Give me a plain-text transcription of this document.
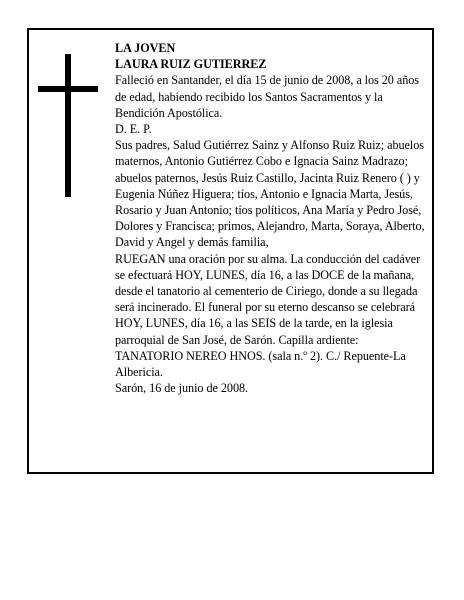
LA JOVEN

LAURA RUIZ GUTIERREZ

Falleció en Santander, el día 15 de junio de 2008, a los 20 años de edad, habiendo recibido los Santos Sacramentos y la Bendición Apostólica.

D. E. P.

Sus padres, Salud Gutiérrez Sainz y Alfonso Ruiz Ruiz; abuelos maternos, Antonio Gutiérrez Cobo e Ignacia Sainz Madrazo; abuelos paternos, Jesús Ruiz Castillo, Jacinta Ruiz Renero ( ) y Eugenia Núñez Higuera; tíos, Antonio e Ignacia Marta, Jesús, Rosario y Juan Antonio; tíos políticos, Ana María y Pedro José, Dolores y Francisca; primos, Alejandro, Marta, Soraya, Alberto, David y Angel y demás familia,

RUEGAN una oración por su alma. La conducción del cadáver se efectuará HOY, LUNES, día 16, a las DOCE de la mañana, desde el tanatorio al cementerio de Ciriego, donde a su llegada será incinerado. El funeral por su eterno descanso se celebrará HOY, LUNES, día 16, a las SEIS de la tarde, en la iglesia parroquial de San José, de Sarón. Capilla ardiente: TANATORIO NEREO HNOS. (sala n.º 2). C./ Repuente-La Albericia.

Sarón, 16 de junio de 2008.
